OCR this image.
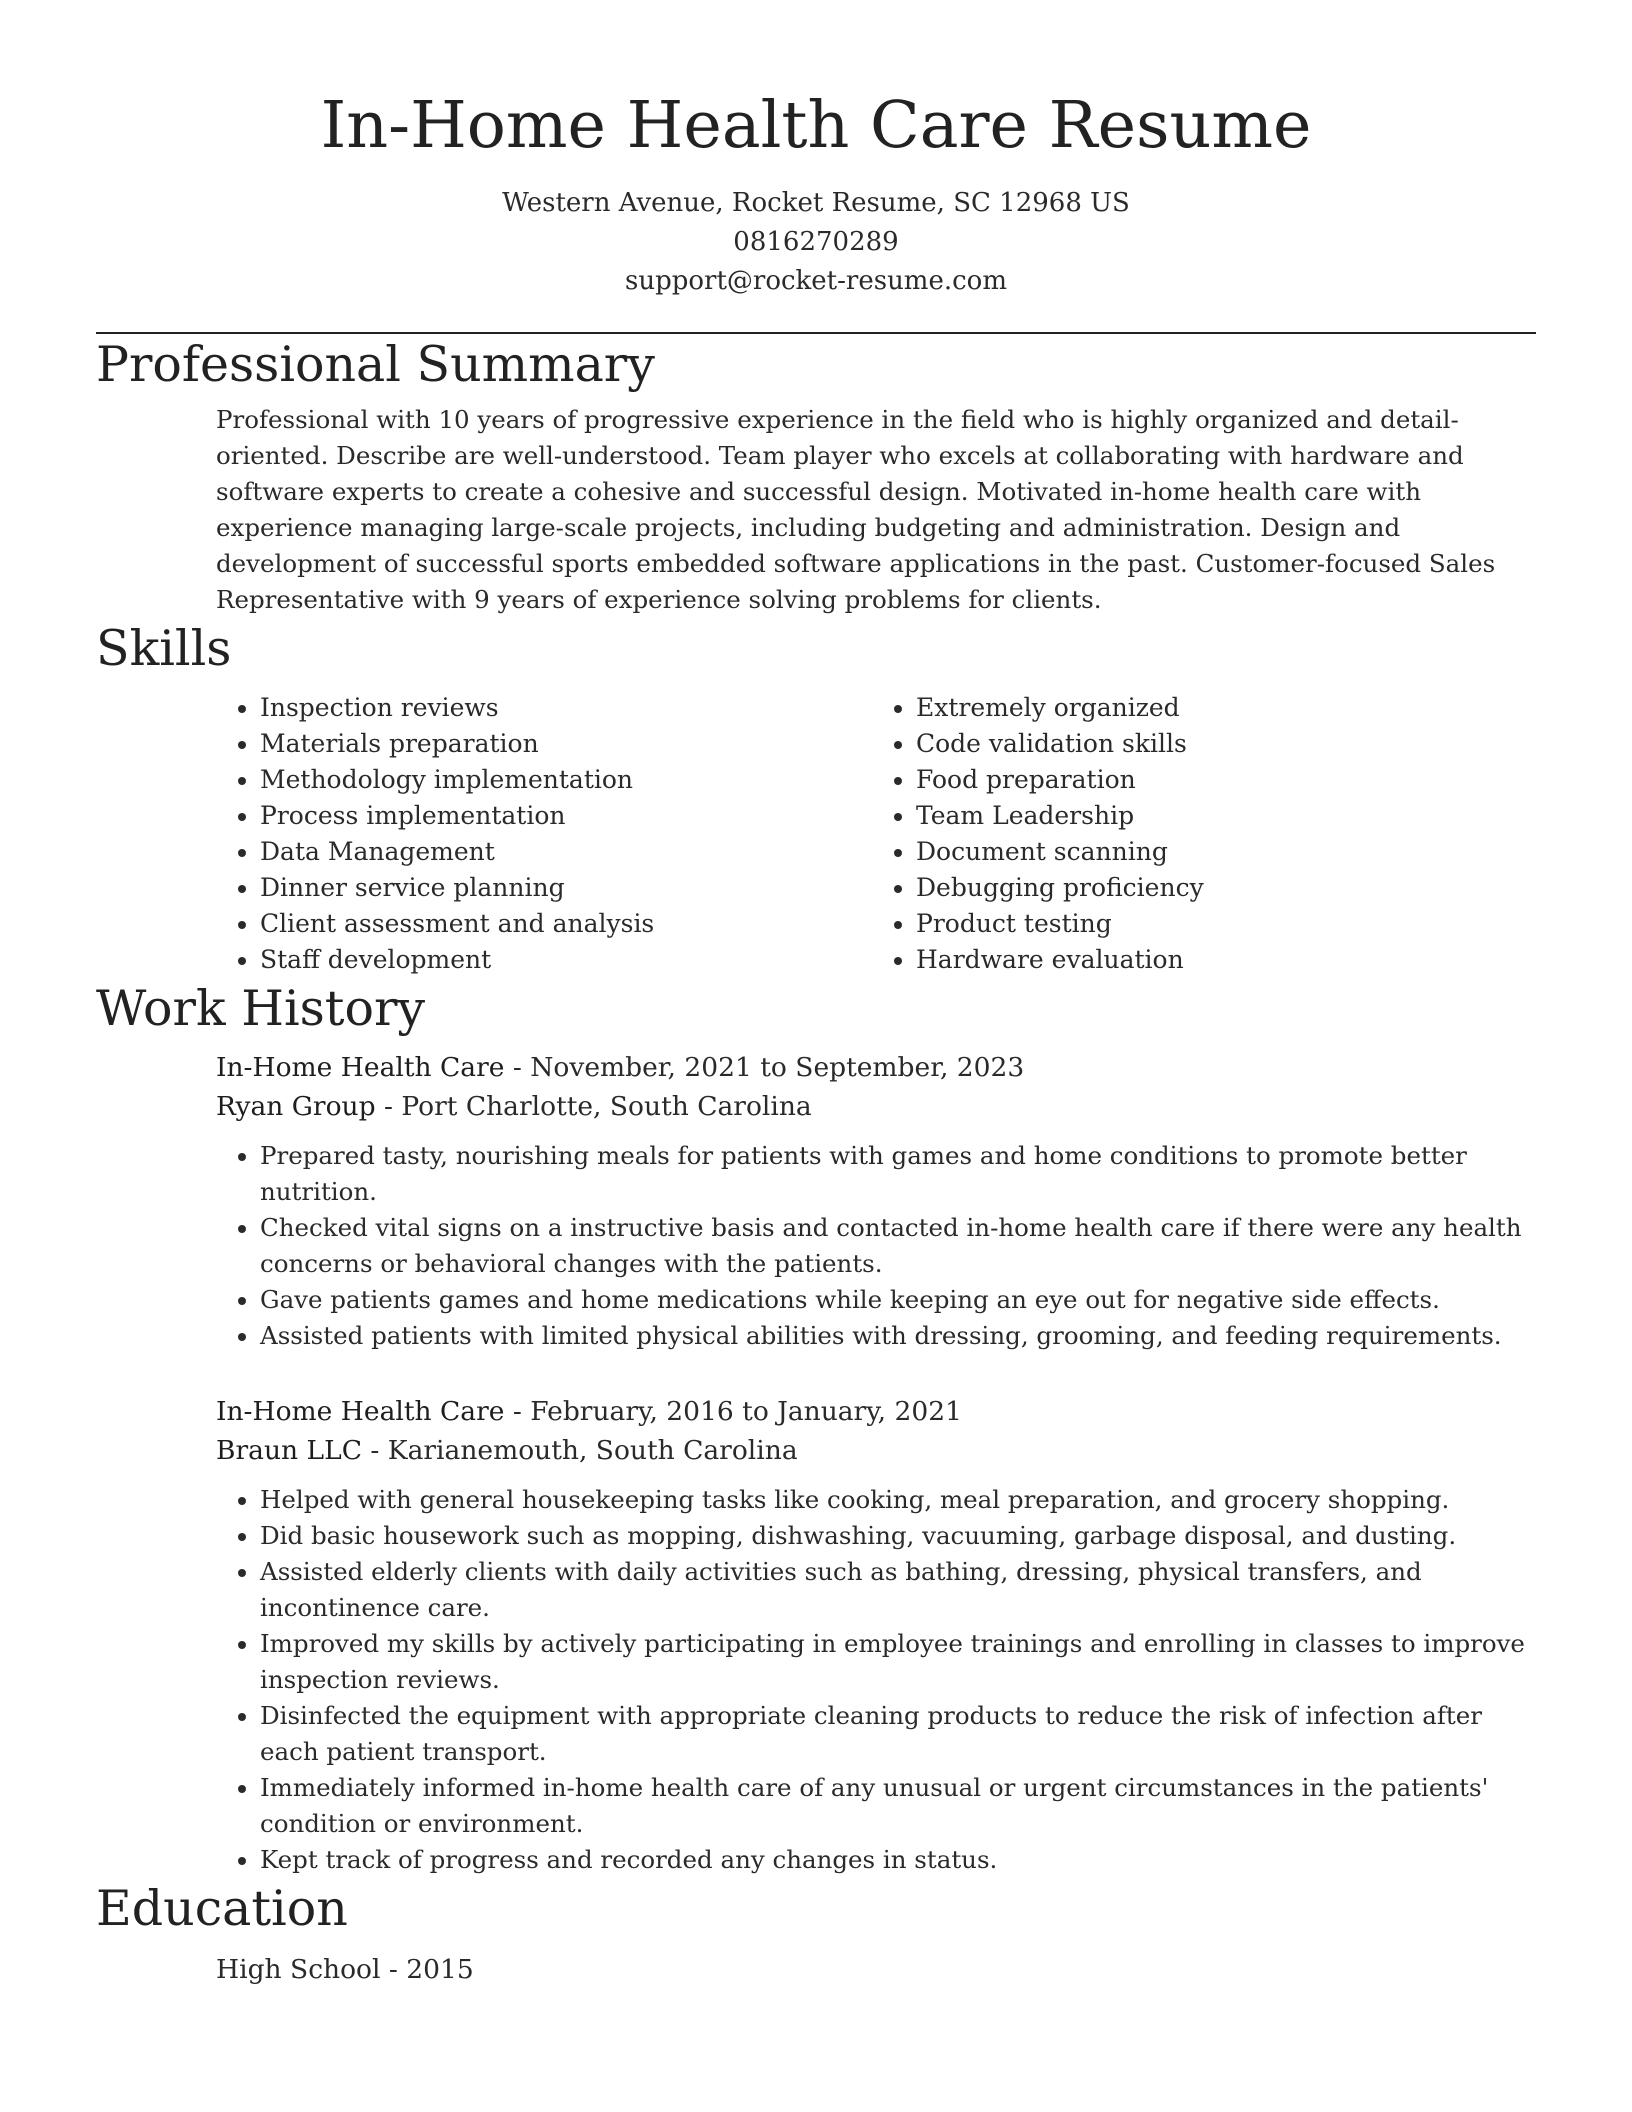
In-Home Health Care Resume
Western Avenue, Rocket Resume, SC 12968 US
0816270289
support@rocket-resume.com
Professional Summary
Professional with 10 years of progressive experience in the field who is highly organized and detail-oriented. Describe are well-understood. Team player who excels at collaborating with hardware and software experts to create a cohesive and successful design. Motivated in-home health care with experience managing large-scale projects, including budgeting and administration. Design and development of successful sports embedded software applications in the past. Customer-focused Sales Representative with 9 years of experience solving problems for clients.
Skills
• Inspection reviews
• Materials preparation
• Methodology implementation
• Process implementation
• Data Management
• Dinner service planning
• Client assessment and analysis
• Staff development
• Extremely organized
• Code validation skills
• Food preparation
• Team Leadership
• Document scanning
• Debugging proficiency
• Product testing
• Hardware evaluation
Work History
In-Home Health Care - November, 2021 to September, 2023
Ryan Group - Port Charlotte, South Carolina
• Prepared tasty, nourishing meals for patients with games and home conditions to promote better nutrition.
• Checked vital signs on a instructive basis and contacted in-home health care if there were any health concerns or behavioral changes with the patients.
• Gave patients games and home medications while keeping an eye out for negative side effects.
• Assisted patients with limited physical abilities with dressing, grooming, and feeding requirements.
In-Home Health Care - February, 2016 to January, 2021
Braun LLC - Karianemouth, South Carolina
• Helped with general housekeeping tasks like cooking, meal preparation, and grocery shopping.
• Did basic housework such as mopping, dishwashing, vacuuming, garbage disposal, and dusting.
• Assisted elderly clients with daily activities such as bathing, dressing, physical transfers, and incontinence care.
• Improved my skills by actively participating in employee trainings and enrolling in classes to improve inspection reviews.
• Disinfected the equipment with appropriate cleaning products to reduce the risk of infection after each patient transport.
• Immediately informed in-home health care of any unusual or urgent circumstances in the patients' condition or environment.
• Kept track of progress and recorded any changes in status.
Education
High School - 2015
